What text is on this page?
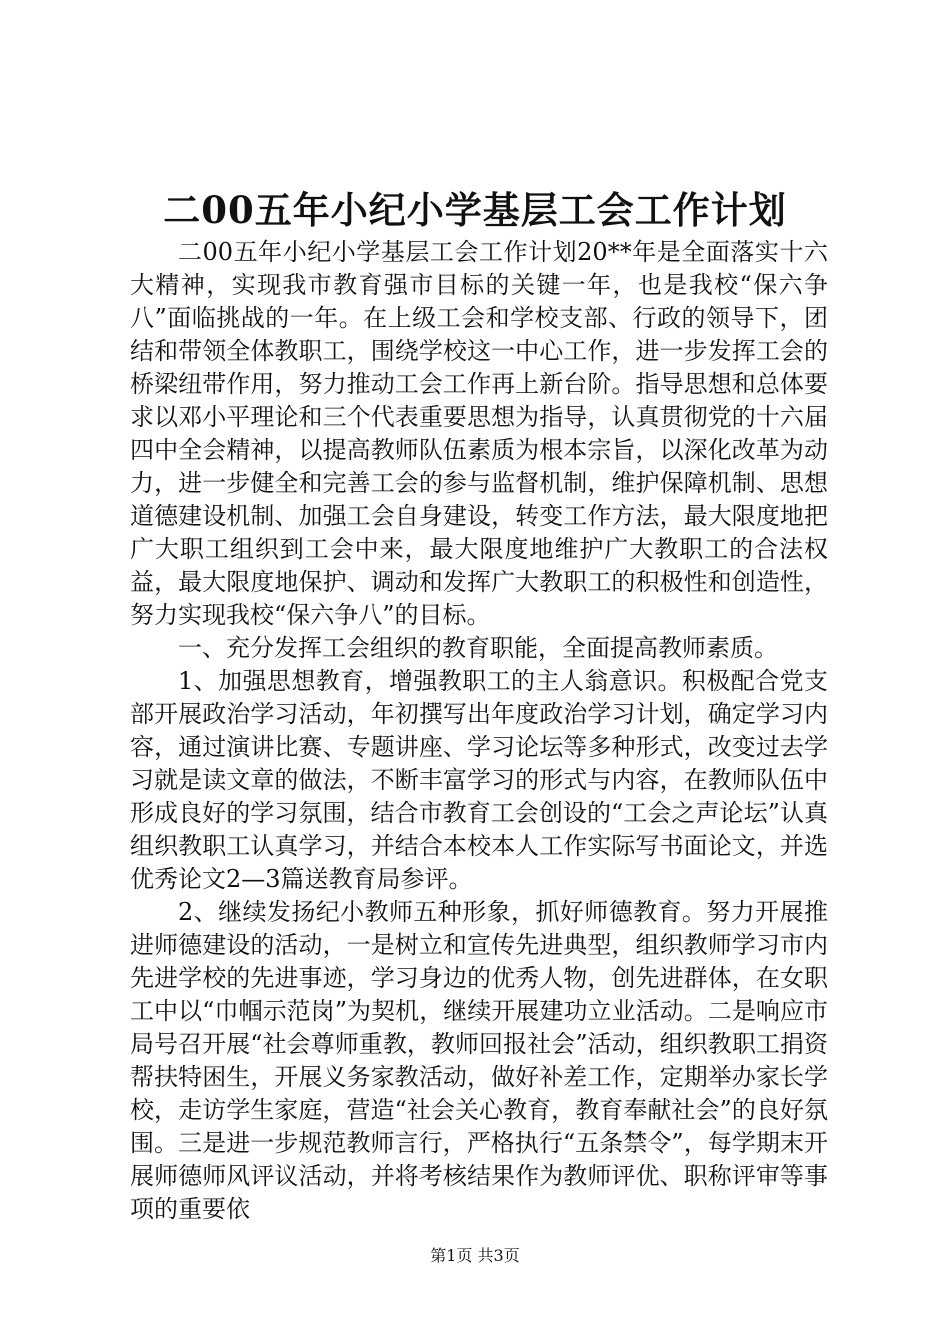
二00五年小纪小学基层工会工作计划

二00五年小纪小学基层工会工作计划20**年是全面落实十六大精神，实现我市教育强市目标的关键一年，也是我校“保六争八”面临挑战的一年。在上级工会和学校支部、行政的领导下，团结和带领全体教职工，围绕学校这一中心工作，进一步发挥工会的桥梁纽带作用，努力推动工会工作再上新台阶。指导思想和总体要求以邓小平理论和三个代表重要思想为指导，认真贯彻党的十六届四中全会精神，以提高教师队伍素质为根本宗旨，以深化改革为动力，进一步健全和完善工会的参与监督机制，维护保障机制、思想道德建设机制、加强工会自身建设，转变工作方法，最大限度地把广大职工组织到工会中来，最大限度地维护广大教职工的合法权益，最大限度地保护、调动和发挥广大教职工的积极性和创造性，努力实现我校“保六争八”的目标。

一、充分发挥工会组织的教育职能，全面提高教师素质。

1、加强思想教育，增强教职工的主人翁意识。积极配合党支部开展政治学习活动，年初撰写出年度政治学习计划，确定学习内容，通过演讲比赛、专题讲座、学习论坛等多种形式，改变过去学习就是读文章的做法，不断丰富学习的形式与内容，在教师队伍中形成良好的学习氛围，结合市教育工会创设的“工会之声论坛”认真组织教职工认真学习，并结合本校本人工作实际写书面论文，并选优秀论文2—3篇送教育局参评。

2、继续发扬纪小教师五种形象，抓好师德教育。努力开展推进师德建设的活动，一是树立和宣传先进典型，组织教师学习市内先进学校的先进事迹，学习身边的优秀人物，创先进群体，在女职工中以“巾帼示范岗”为契机，继续开展建功立业活动。二是响应市局号召开展“社会尊师重教，教师回报社会”活动，组织教职工捐资帮扶特困生，开展义务家教活动，做好补差工作，定期举办家长学校，走访学生家庭，营造“社会关心教育，教育奉献社会”的良好氛围。三是进一步规范教师言行，严格执行“五条禁令”，每学期末开展师德师风评议活动，并将考核结果作为教师评优、职称评审等事项的重要依

第1页 共3页
